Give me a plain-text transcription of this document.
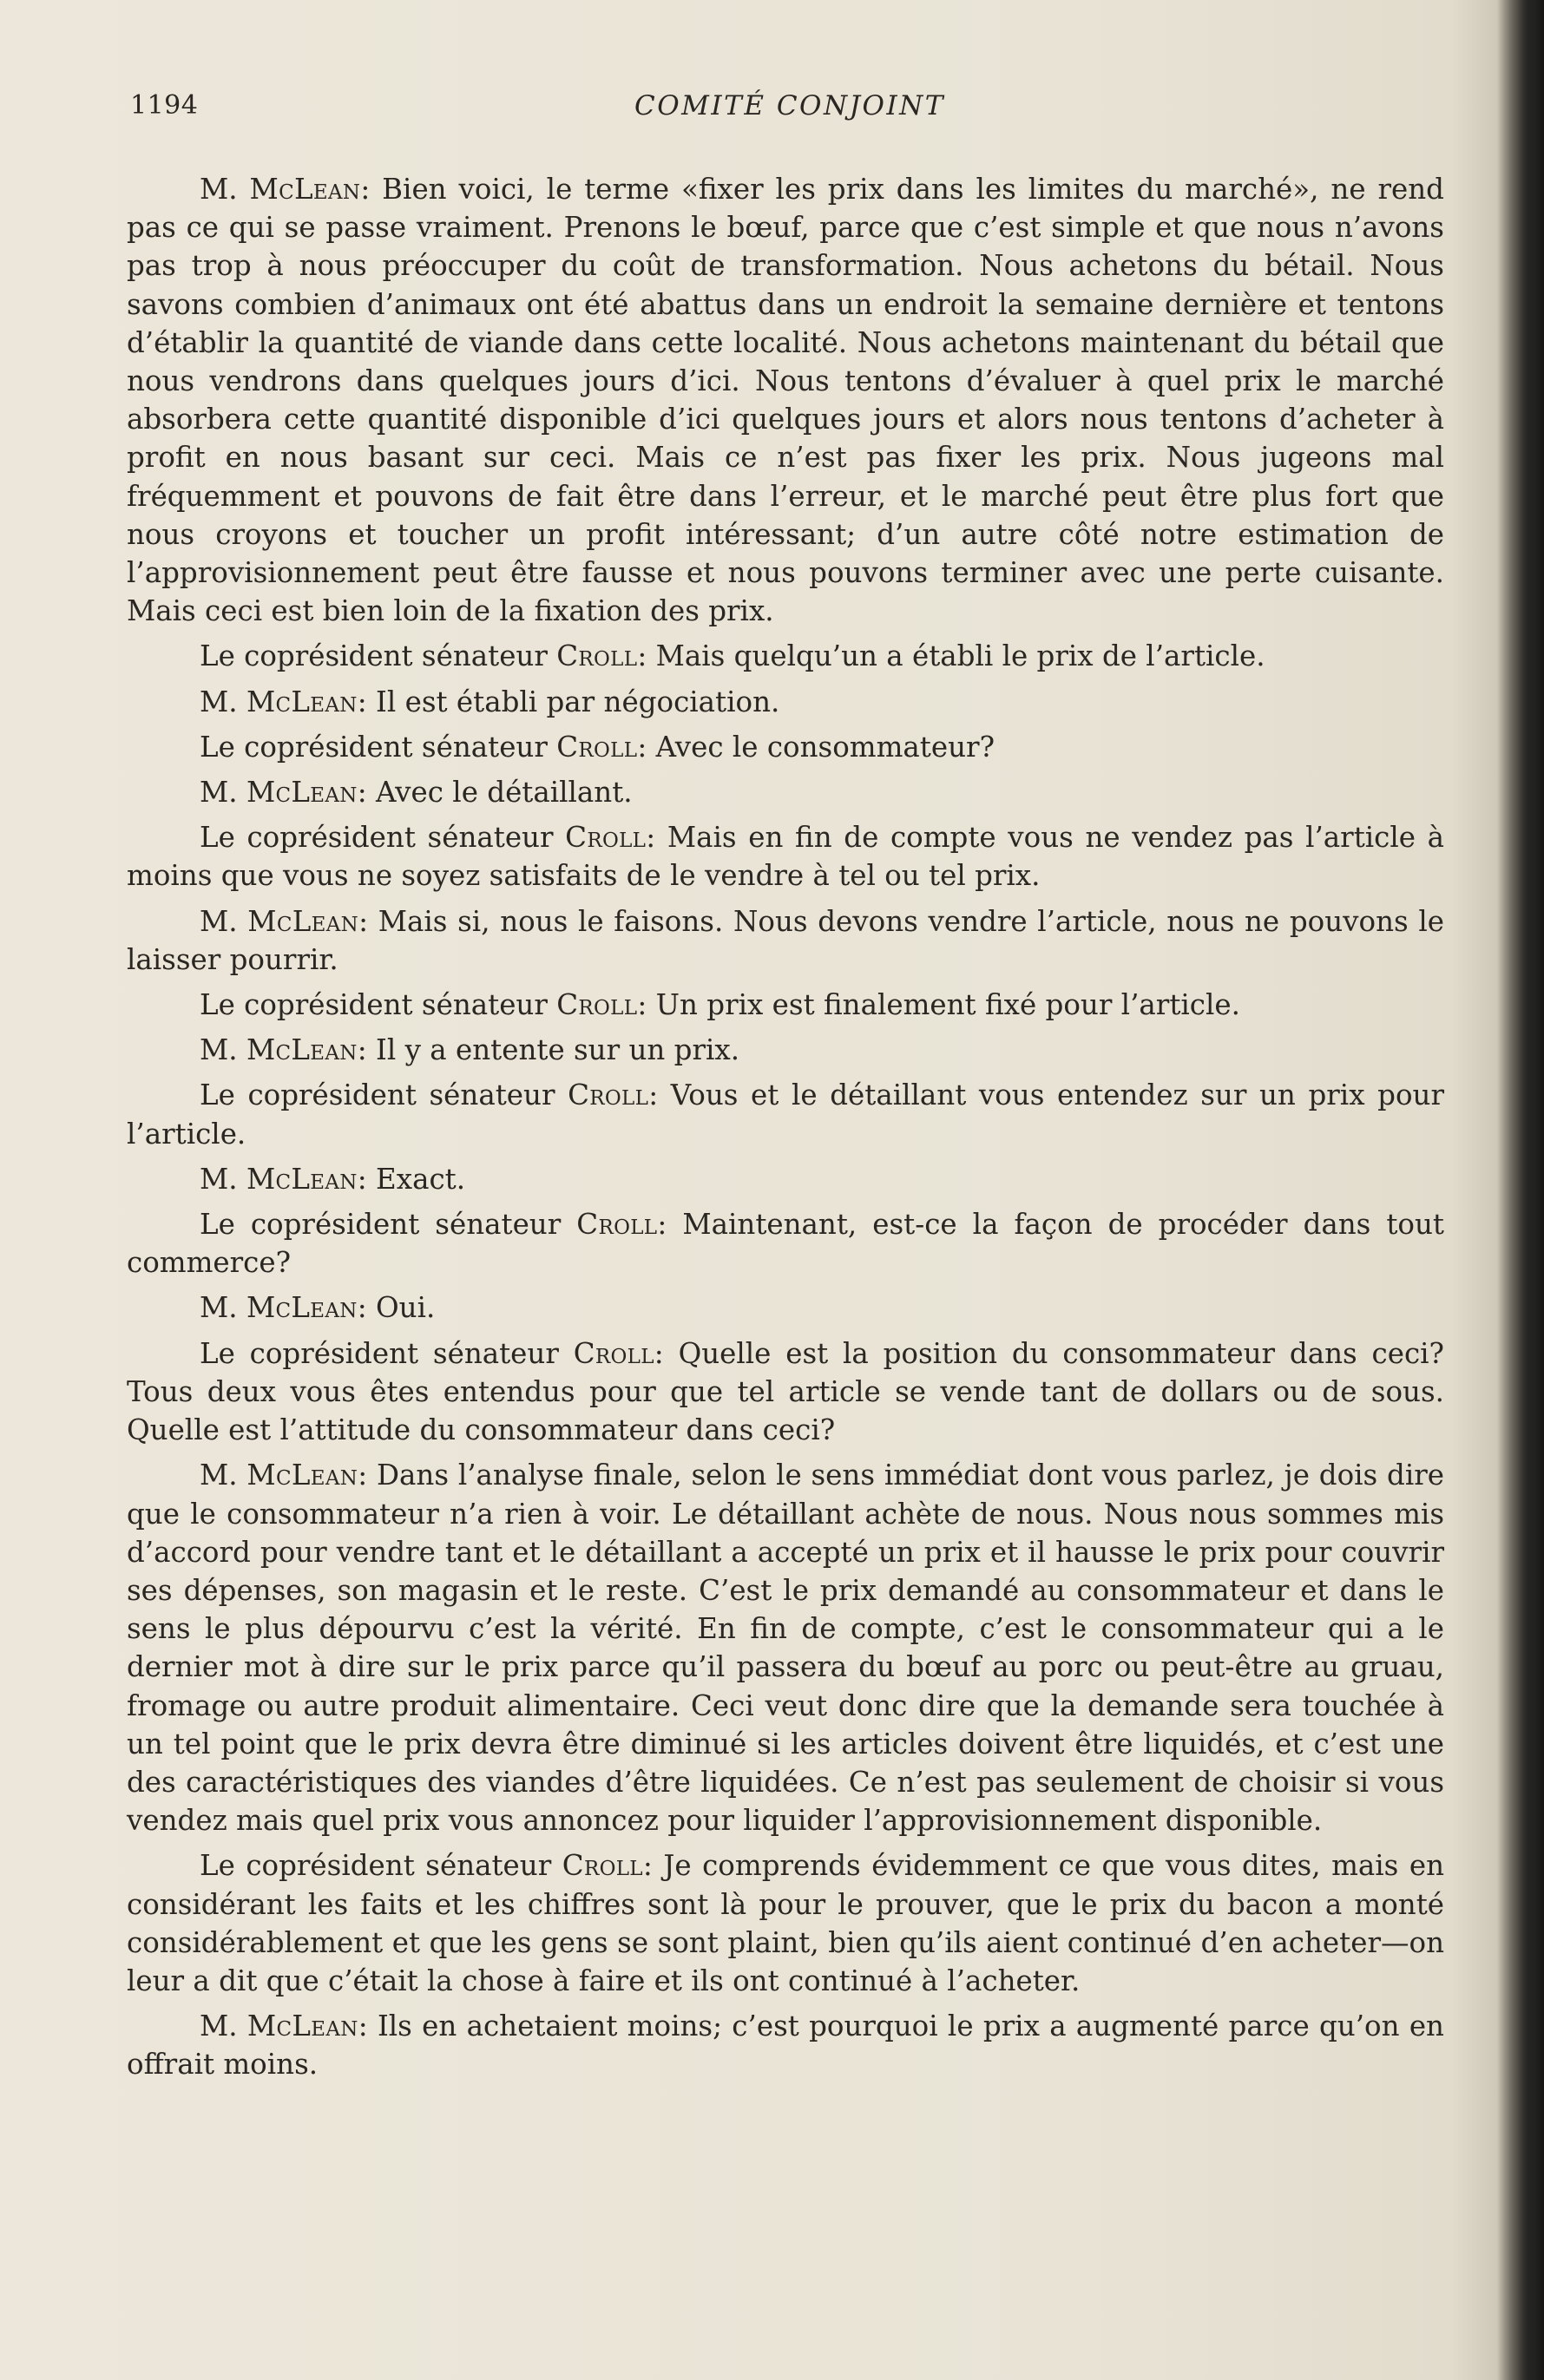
1194	COMITÉ CONJOINT

M. McLean: Bien voici, le terme «fixer les prix dans les limites du marché», ne rend pas ce qui se passe vraiment. Prenons le bœuf, parce que c’est simple et que nous n’avons pas trop à nous préoccuper du coût de transformation. Nous achetons du bétail. Nous savons combien d’animaux ont été abattus dans un endroit la semaine dernière et tentons d’établir la quantité de viande dans cette localité. Nous achetons maintenant du bétail que nous vendrons dans quelques jours d’ici. Nous tentons d’évaluer à quel prix le marché absorbera cette quantité disponible d’ici quelques jours et alors nous tentons d’acheter à profit en nous basant sur ceci. Mais ce n’est pas fixer les prix. Nous jugeons mal fréquemment et pouvons de fait être dans l’erreur, et le marché peut être plus fort que nous croyons et toucher un profit intéressant; d’un autre côté notre estimation de l’approvisionnement peut être fausse et nous pouvons terminer avec une perte cuisante. Mais ceci est bien loin de la fixation des prix.

Le coprésident sénateur Croll: Mais quelqu’un a établi le prix de l’article.

M. McLean: Il est établi par négociation.

Le coprésident sénateur Croll: Avec le consommateur?

M. McLean: Avec le détaillant.

Le coprésident sénateur Croll: Mais en fin de compte vous ne vendez pas l’article à moins que vous ne soyez satisfaits de le vendre à tel ou tel prix.

M. McLean: Mais si, nous le faisons. Nous devons vendre l’article, nous ne pouvons le laisser pourrir.

Le coprésident sénateur Croll: Un prix est finalement fixé pour l’article.

M. McLean: Il y a entente sur un prix.

Le coprésident sénateur Croll: Vous et le détaillant vous entendez sur un prix pour l’article.

M. McLean: Exact.

Le coprésident sénateur Croll: Maintenant, est-ce la façon de procéder dans tout commerce?

M. McLean: Oui.

Le coprésident sénateur Croll: Quelle est la position du consommateur dans ceci? Tous deux vous êtes entendus pour que tel article se vende tant de dollars ou de sous. Quelle est l’attitude du consommateur dans ceci?

M. McLean: Dans l’analyse finale, selon le sens immédiat dont vous parlez, je dois dire que le consommateur n’a rien à voir. Le détaillant achète de nous. Nous nous sommes mis d’accord pour vendre tant et le détaillant a accepté un prix et il hausse le prix pour couvrir ses dépenses, son magasin et le reste. C’est le prix demandé au consommateur et dans le sens le plus dépourvu c’est la vérité. En fin de compte, c’est le consommateur qui a le dernier mot à dire sur le prix parce qu’il passera du bœuf au porc ou peut-être au gruau, fromage ou autre produit alimentaire. Ceci veut donc dire que la demande sera touchée à un tel point que le prix devra être diminué si les articles doivent être liquidés, et c’est une des caractéristiques des viandes d’être liquidées. Ce n’est pas seulement de choisir si vous vendez mais quel prix vous annoncez pour liquider l’approvisionnement disponible.

Le coprésident sénateur Croll: Je comprends évidemment ce que vous dites, mais en considérant les faits et les chiffres sont là pour le prouver, que le prix du bacon a monté considérablement et que les gens se sont plaint, bien qu’ils aient continué d’en acheter—on leur a dit que c’était la chose à faire et ils ont continué à l’acheter.

M. McLean: Ils en achetaient moins; c’est pourquoi le prix a augmenté parce qu’on en offrait moins.
